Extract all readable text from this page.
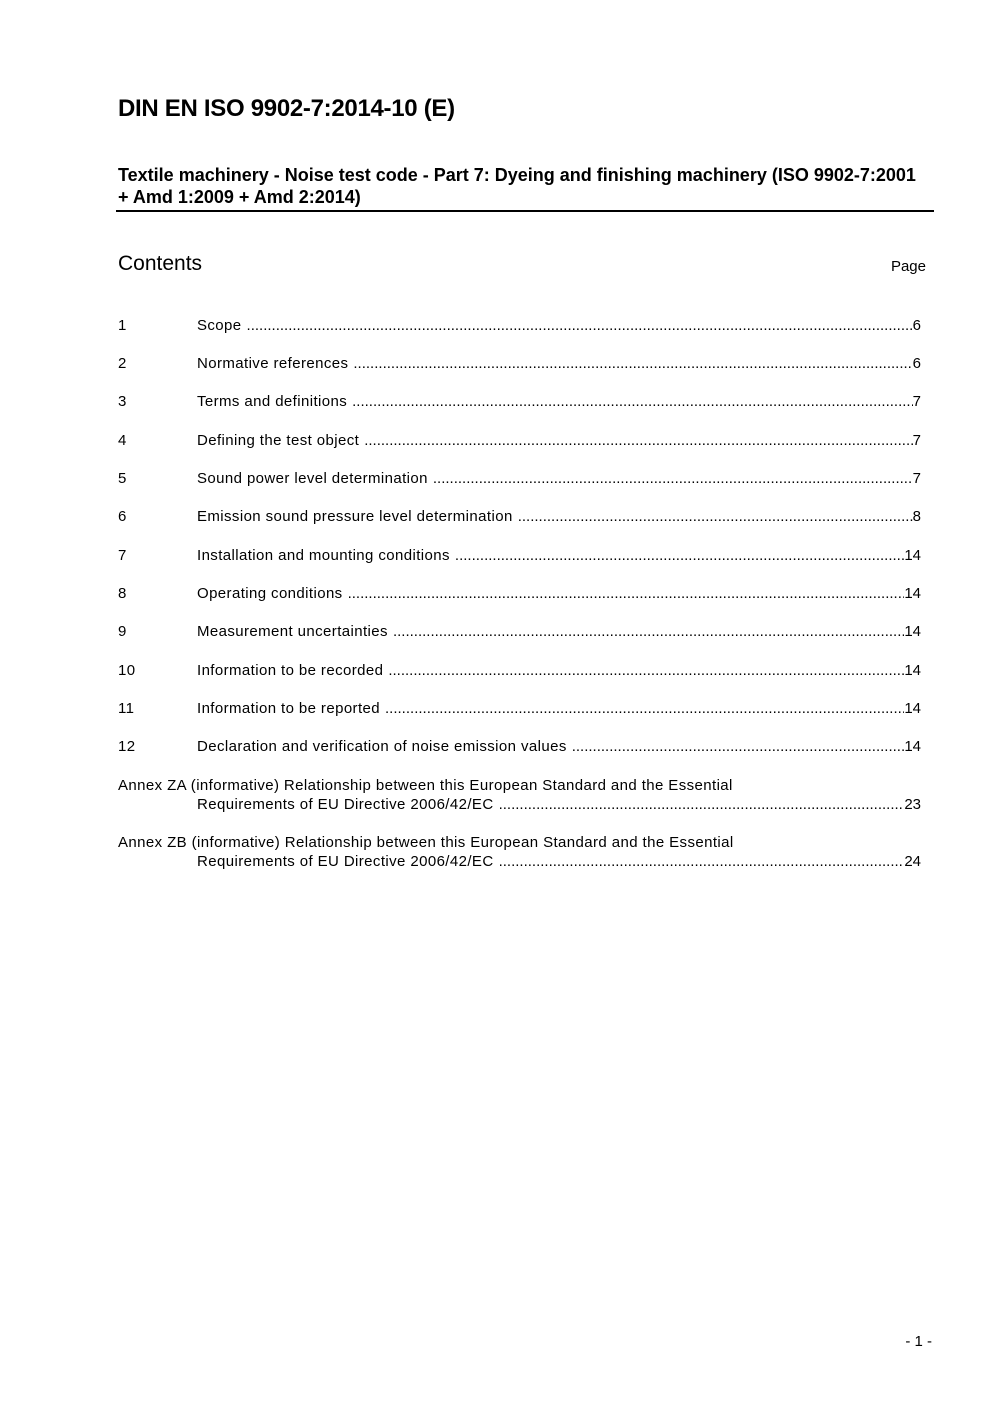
DIN EN ISO 9902-7:2014-10 (E)
Textile machinery - Noise test code - Part 7: Dyeing and finishing machinery (ISO 9902-7:2001 + Amd 1:2009 + Amd 2:2014)
Contents	Page
1	Scope .....	6
2	Normative references .....	6
3	Terms and definitions .....	7
4	Defining the test object .....	7
5	Sound power level determination .....	7
6	Emission sound pressure level determination .....	8
7	Installation and mounting conditions .....	14
8	Operating conditions .....	14
9	Measurement uncertainties .....	14
10	Information to be recorded .....	14
11	Information to be reported .....	14
12	Declaration and verification of noise emission values .....	14
Annex ZA (informative) Relationship between this European Standard and the Essential
Requirements of EU Directive 2006/42/EC .....	23
Annex ZB (informative) Relationship between this European Standard and the Essential
Requirements of EU Directive 2006/42/EC .....	24
- 1 -
